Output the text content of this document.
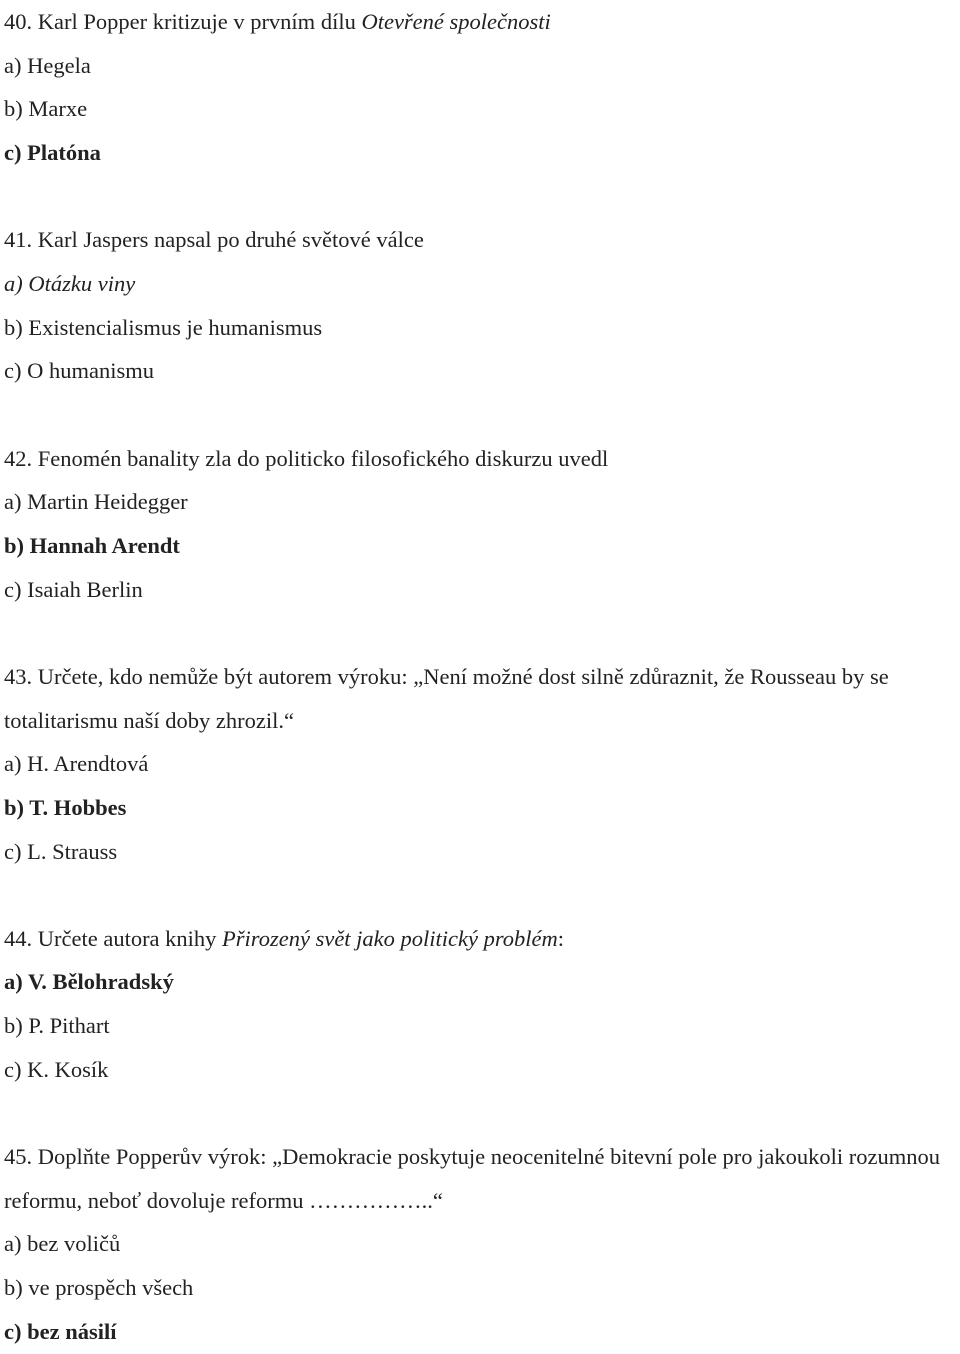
40. Karl Popper kritizuje v prvním dílu Otevřené společnosti
a) Hegela
b) Marxe
c) Platóna
41. Karl Jaspers napsal po druhé světové válce
a) Otázku viny
b) Existencialismus je humanismus
c) O humanismu
42. Fenomén banality zla do politicko filosofického diskurzu uvedl
a) Martin Heidegger
b) Hannah Arendt
c) Isaiah Berlin
43. Určete, kdo nemůže být autorem výroku: „Není možné dost silně zdůraznit, že Rousseau by se totalitarismu naší doby zhrozil.“
a) H. Arendtová
b) T. Hobbes
c) L. Strauss
44. Určete autora knihy Přirozený svět jako politický problém:
a) V. Bělohradský
b) P. Pithart
c) K. Kosík
45. Doplňte Popperův výrok: „Demokracie poskytuje neocenitelné bitevní pole pro jakoukoli rozumnou reformu, neboť dovoluje reformu ……………..“
a) bez voličů
b) ve prospěch všech
c) bez násilí
